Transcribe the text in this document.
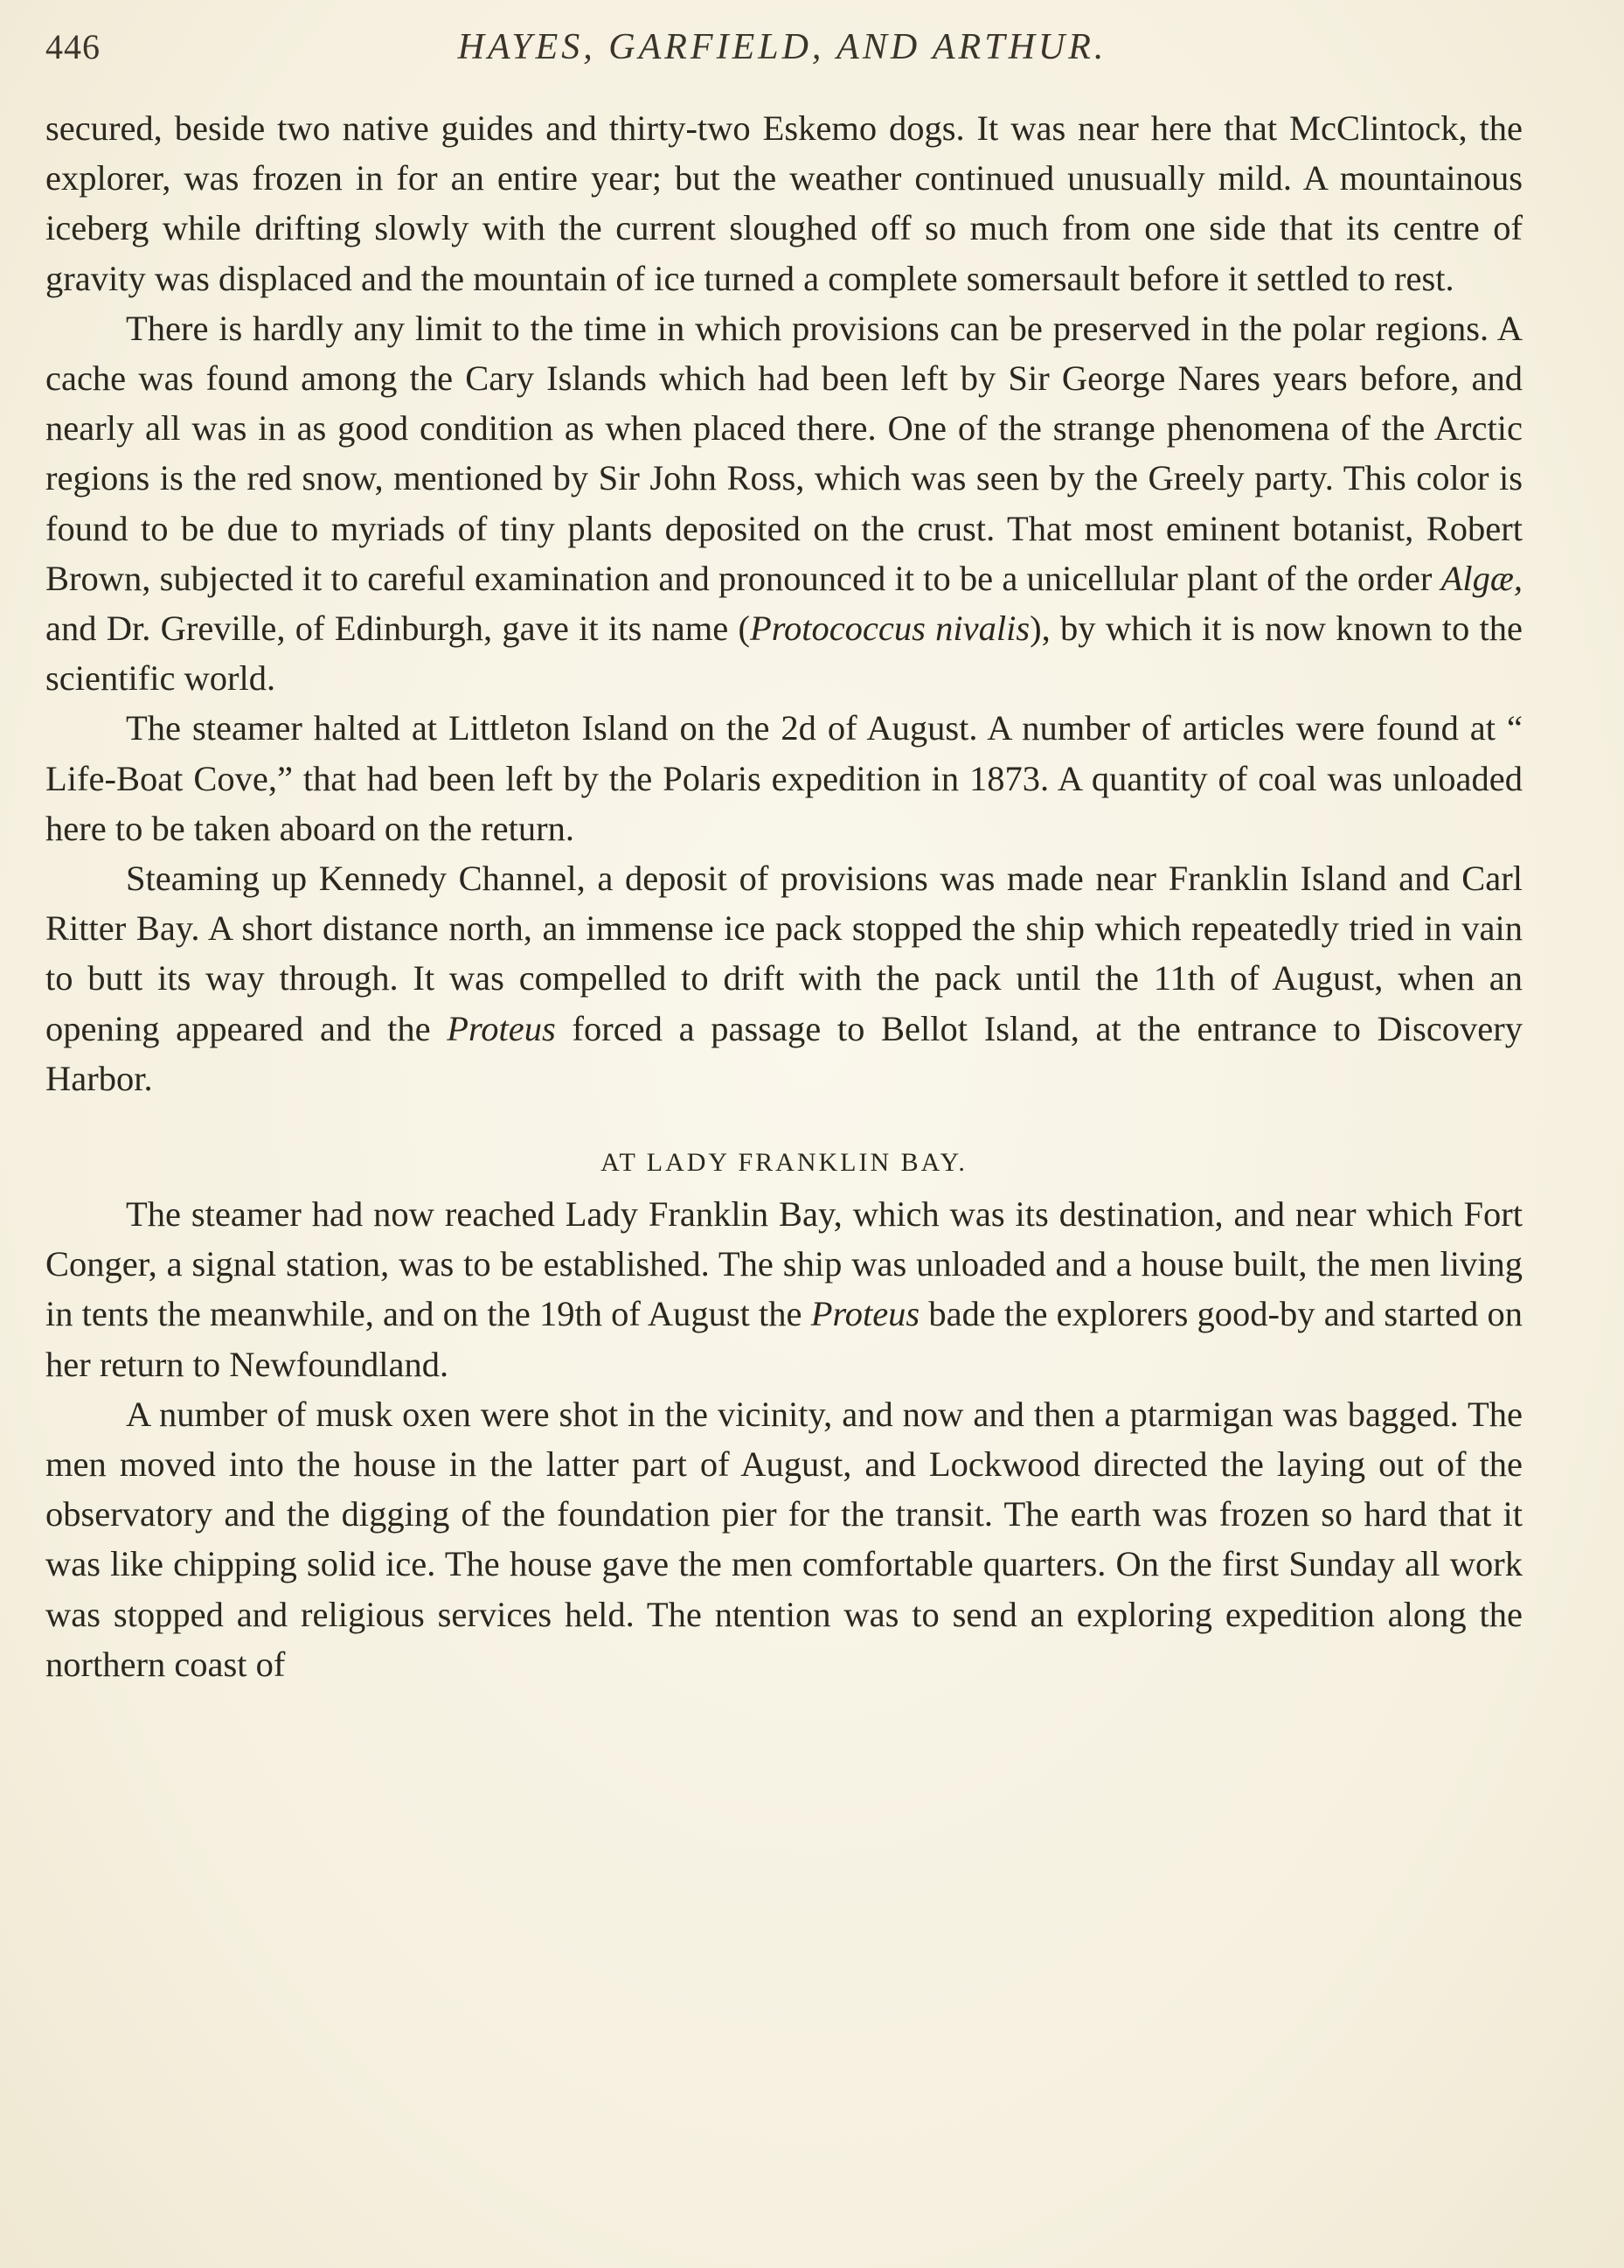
446	HAYES, GARFIELD, AND ARTHUR.

secured, beside two native guides and thirty-two Eskemo dogs. It was near here that McClintock, the explorer, was frozen in for an entire year; but the weather continued unusually mild. A mountainous iceberg while drifting slowly with the current sloughed off so much from one side that its centre of gravity was displaced and the mountain of ice turned a complete somersault before it settled to rest.

There is hardly any limit to the time in which provisions can be preserved in the polar regions. A cache was found among the Cary Islands which had been left by Sir George Nares years before, and nearly all was in as good condition as when placed there. One of the strange phenomena of the Arctic regions is the red snow, mentioned by Sir John Ross, which was seen by the Greely party. This color is found to be due to myriads of tiny plants deposited on the crust. That most eminent botanist, Robert Brown, subjected it to careful examination and pronounced it to be a unicellular plant of the order Algæ, and Dr. Greville, of Edinburgh, gave it its name (Protococcus nivalis), by which it is now known to the scientific world.

The steamer halted at Littleton Island on the 2d of August. A number of articles were found at “ Life-Boat Cove,” that had been left by the Polaris expedition in 1873. A quantity of coal was unloaded here to be taken aboard on the return.

Steaming up Kennedy Channel, a deposit of provisions was made near Franklin Island and Carl Ritter Bay. A short distance north, an immense ice pack stopped the ship which repeatedly tried in vain to butt its way through. It was compelled to drift with the pack until the 11th of August, when an opening appeared and the Proteus forced a passage to Bellot Island, at the entrance to Discovery Harbor.

AT LADY FRANKLIN BAY.

The steamer had now reached Lady Franklin Bay, which was its destination, and near which Fort Conger, a signal station, was to be established. The ship was unloaded and a house built, the men living in tents the meanwhile, and on the 19th of August the Proteus bade the explorers good-by and started on her return to Newfoundland.

A number of musk oxen were shot in the vicinity, and now and then a ptarmigan was bagged. The men moved into the house in the latter part of August, and Lockwood directed the laying out of the observatory and the digging of the foundation pier for the transit. The earth was frozen so hard that it was like chipping solid ice. The house gave the men comfortable quarters. On the first Sunday all work was stopped and religious services held. The ntention was to send an exploring expedition along the northern coast of
